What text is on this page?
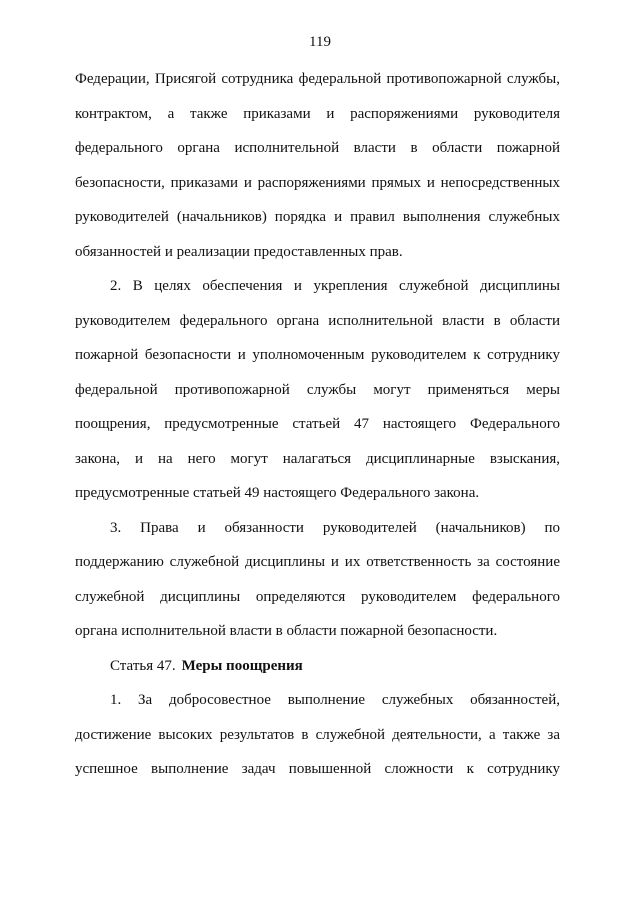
119
Федерации, Присягой сотрудника федеральной противопожарной службы,
контрактом, а также приказами и распоряжениями руководителя
федерального органа исполнительной власти в области пожарной
безопасности, приказами и распоряжениями прямых и непосредственных
руководителей (начальников) порядка и правил выполнения служебных
обязанностей и реализации предоставленных прав.
2. В целях обеспечения и укрепления служебной дисциплины
руководителем федерального органа исполнительной власти в области
пожарной безопасности и уполномоченным руководителем к сотруднику
федеральной противопожарной службы могут применяться меры
поощрения, предусмотренные статьей 47 настоящего Федерального
закона, и на него могут налагаться дисциплинарные взыскания,
предусмотренные статьей 49 настоящего Федерального закона.
3. Права и обязанности руководителей (начальников) по
поддержанию служебной дисциплины и их ответственность за состояние
служебной дисциплины определяются руководителем федерального
органа исполнительной власти в области пожарной безопасности.
Статья 47. Меры поощрения
1. За добросовестное выполнение служебных обязанностей,
достижение высоких результатов в служебной деятельности, а также за
успешное выполнение задач повышенной сложности к сотруднику
